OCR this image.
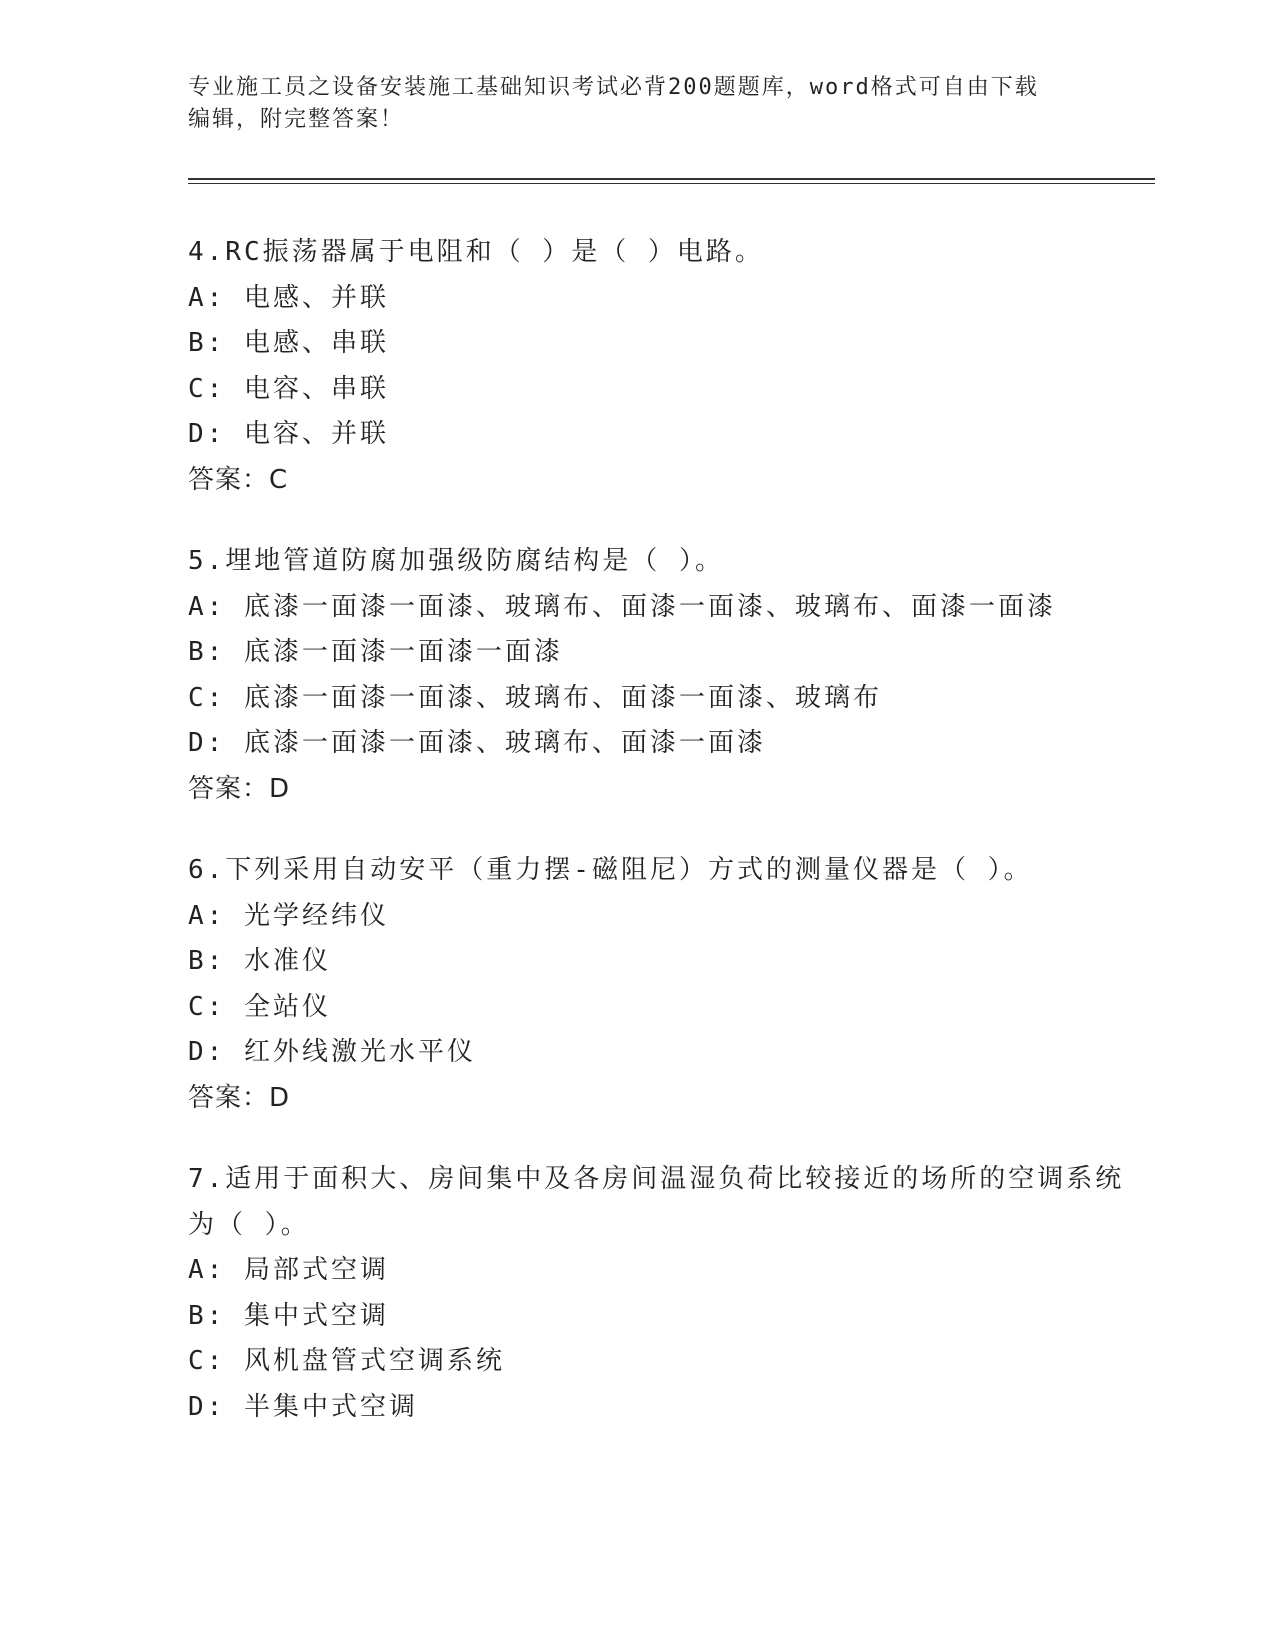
专业施工员之设备安装施工基础知识考试必背200题题库，word格式可自由下载
编辑，附完整答案！
4.RC振荡器属于电阻和（ ）是（ ）电路。
A: 电感、并联
B: 电感、串联
C: 电容、串联
D: 电容、并联
答案：C
5.埋地管道防腐加强级防腐结构是（ ）。
A: 底漆一面漆一面漆、玻璃布、面漆一面漆、玻璃布、面漆一面漆
B: 底漆一面漆一面漆一面漆
C: 底漆一面漆一面漆、玻璃布、面漆一面漆、玻璃布
D: 底漆一面漆一面漆、玻璃布、面漆一面漆
答案：D
6.下列采用自动安平（重力摆-磁阻尼）方式的测量仪器是（ ）。
A: 光学经纬仪
B: 水准仪
C: 全站仪
D: 红外线激光水平仪
答案：D
7.适用于面积大、房间集中及各房间温湿负荷比较接近的场所的空调系统为（ ）。
A: 局部式空调
B: 集中式空调
C: 风机盘管式空调系统
D: 半集中式空调
